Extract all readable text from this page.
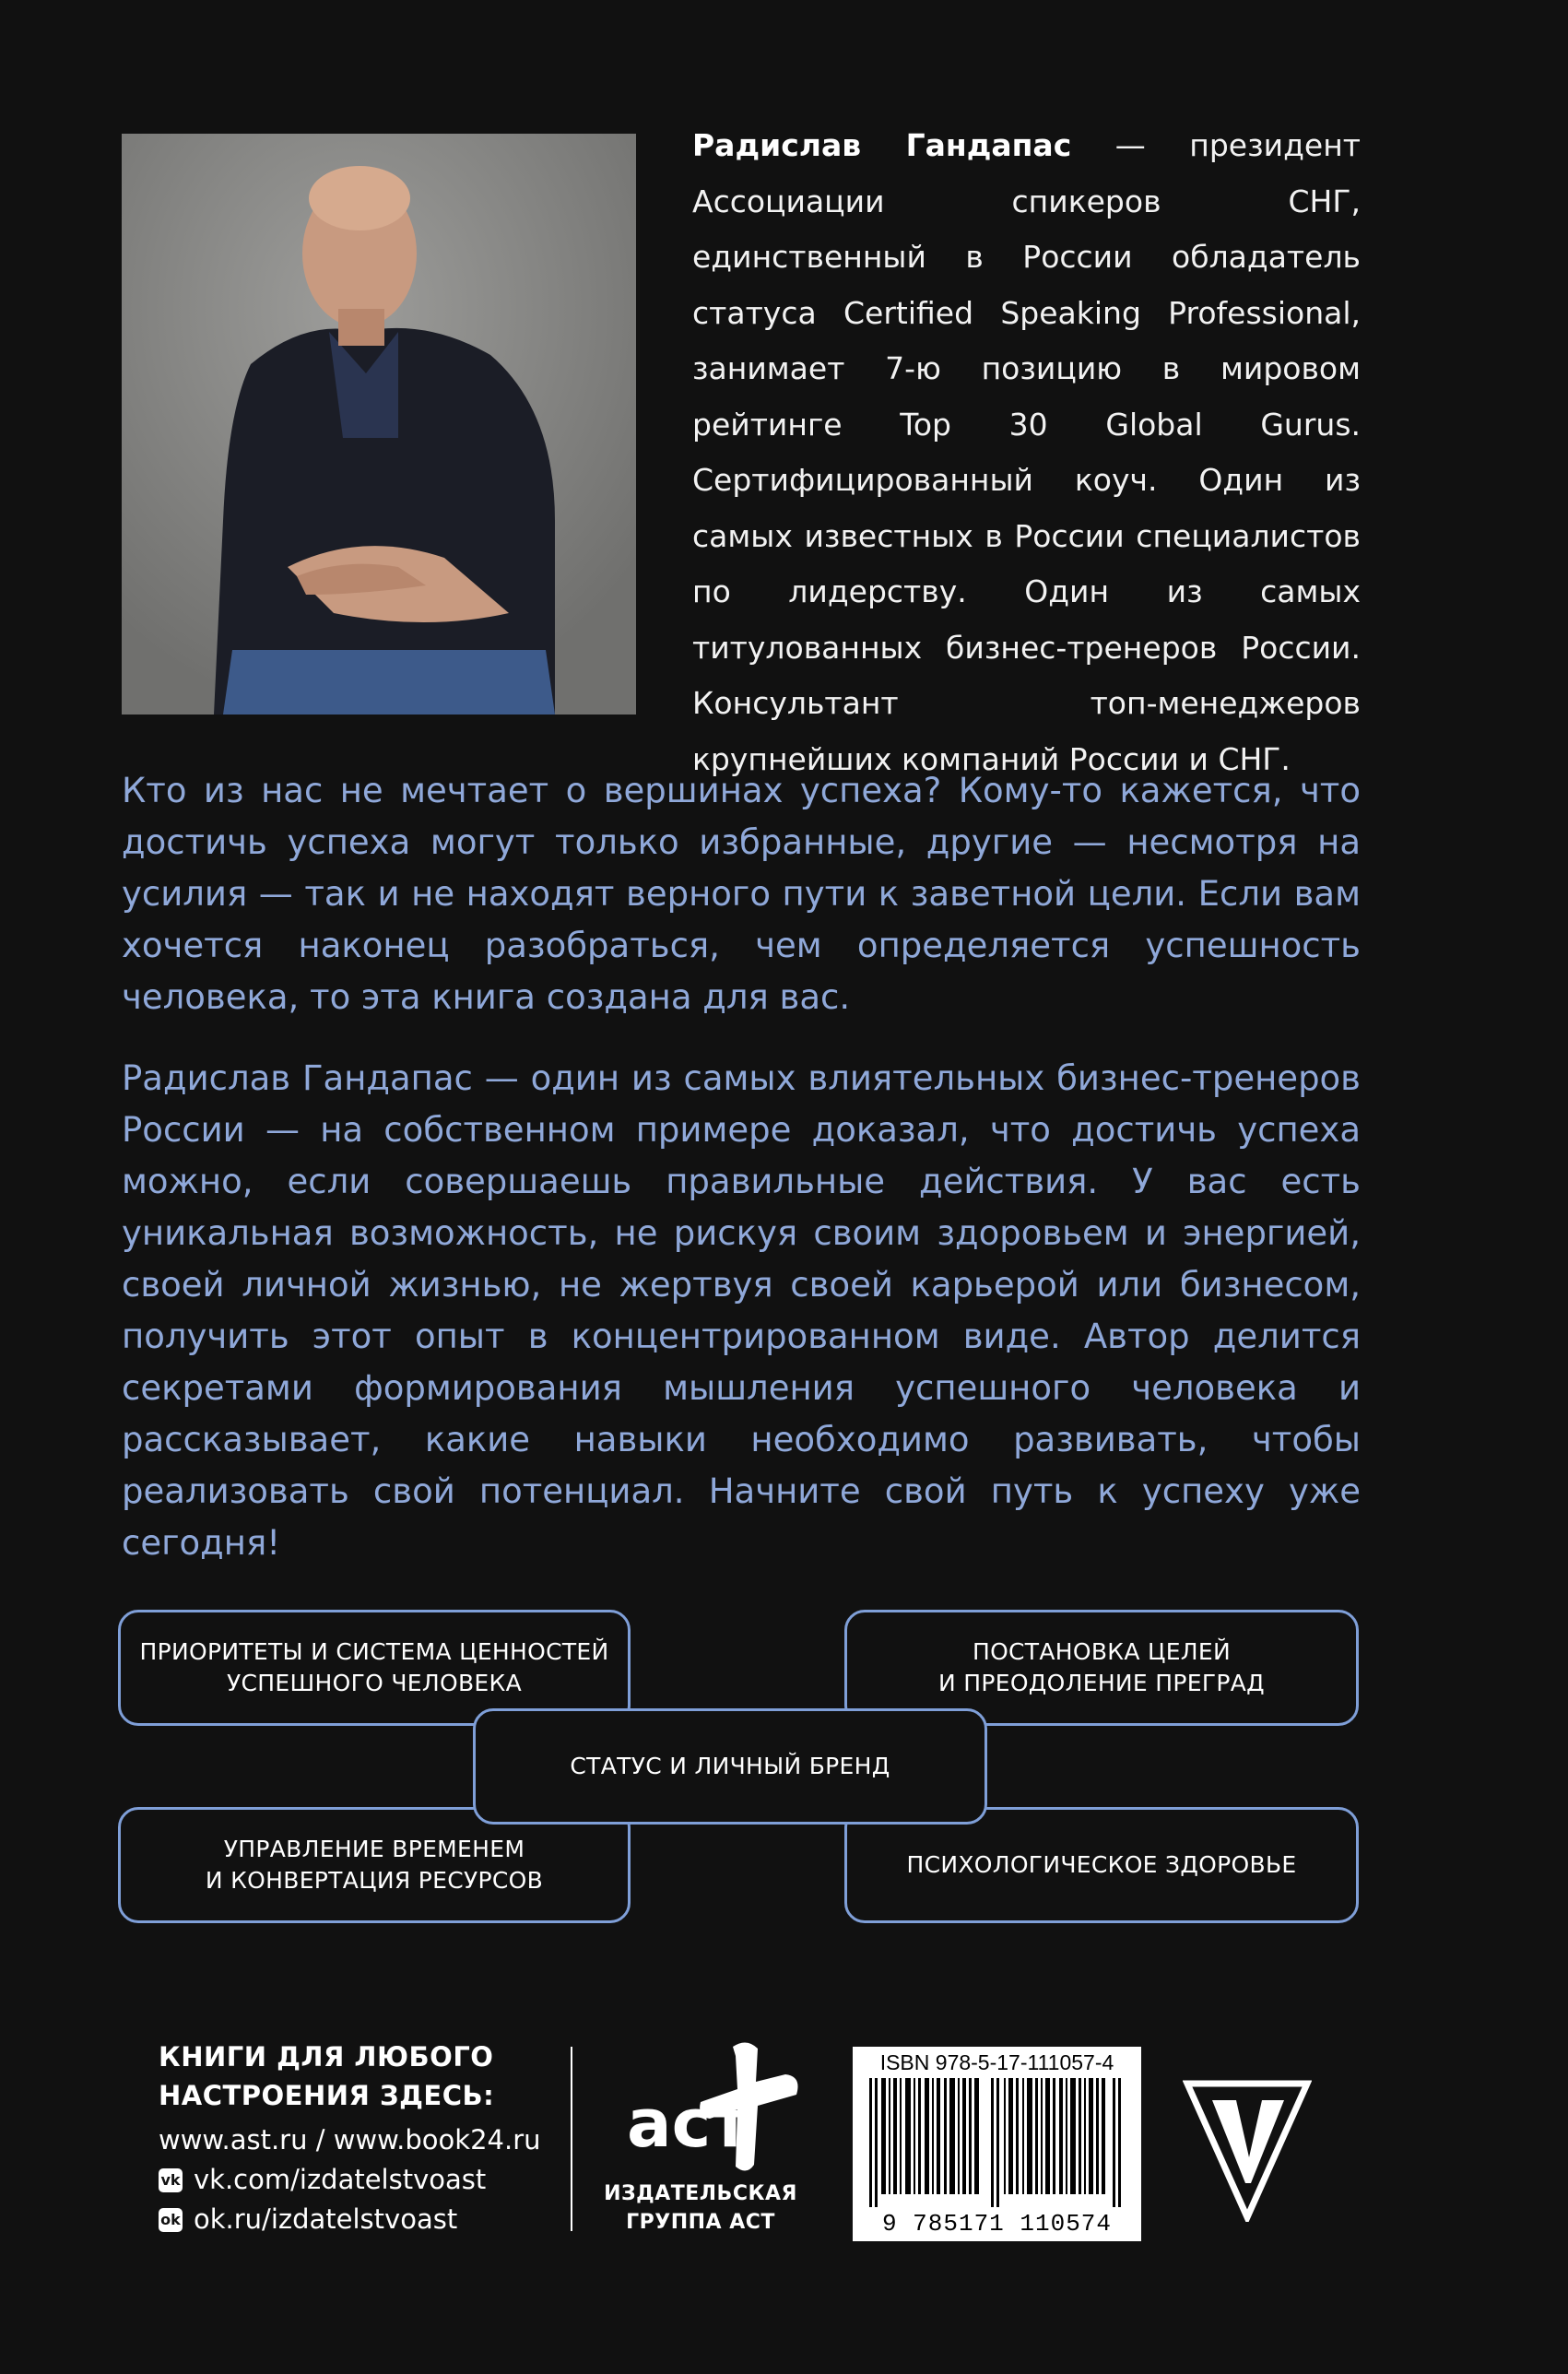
Радислав Гандапас — президент Ассоциации спикеров СНГ, единственный в России обладатель статуса Certified Speaking Professional, занимает 7-ю позицию в мировом рейтинге Top 30 Global Gurus. Сертифицированный коуч. Один из самых известных в России специалистов по лидерству. Один из самых титулованных бизнес-тренеров России. Консультант топ-менеджеров крупнейших компаний России и СНГ.
Кто из нас не мечтает о вершинах успеха? Кому-то кажется, что достичь успеха могут только избранные, другие — несмотря на усилия — так и не находят верного пути к заветной цели. Если вам хочется наконец разобраться, чем определяется успешность человека, то эта книга создана для вас.
Радислав Гандапас — один из самых влиятельных бизнес-тренеров России — на собственном примере доказал, что достичь успеха можно, если совершаешь правильные действия. У вас есть уникальная возможность, не рискуя своим здоровьем и энергией, своей личной жизнью, не жертвуя своей карьерой или бизнесом, получить этот опыт в концентрированном виде. Автор делится секретами формирования мышления успешного человека и рассказывает, какие навыки необходимо развивать, чтобы реализовать свой потенциал. Начните свой путь к успеху уже сегодня!
ПРИОРИТЕТЫ И СИСТЕМА ЦЕННОСТЕЙ
УСПЕШНОГО ЧЕЛОВЕКА
ПОСТАНОВКА ЦЕЛЕЙ
И ПРЕОДОЛЕНИЕ ПРЕГРАД
УПРАВЛЕНИЕ ВРЕМЕНЕМ
И КОНВЕРТАЦИЯ РЕСУРСОВ
ПСИХОЛОГИЧЕСКОЕ ЗДОРОВЬЕ
СТАТУС И ЛИЧНЫЙ БРЕНД
КНИГИ ДЛЯ ЛЮБОГО
НАСТРОЕНИЯ ЗДЕСЬ:
www.ast.ru / www.book24.ru
vk vk.com/izdatelstvoast
ok ok.ru/izdatelstvoast
аст
ИЗДАТЕЛЬСКАЯ
ГРУППА АСТ
ISBN 978-5-17-111057-4
9 785171 110574
